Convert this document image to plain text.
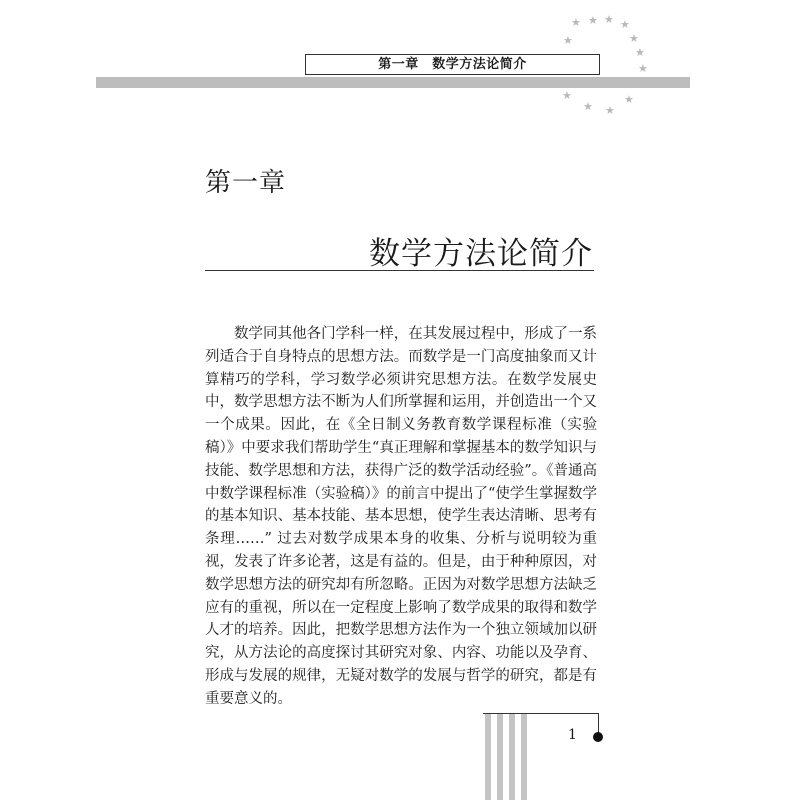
★ ★ ★ ★
★	★
★
★
★
★ ★
★
第一章　数学方法论简介
第一章
数学方法论简介

数学同其他各门学科一样，在其发展过程中，形成了一系列适合于自身特点的思想方法。而数学是一门高度抽象而又计算精巧的学科，学习数学必须讲究思想方法。在数学发展史中，数学思想方法不断为人们所掌握和运用，并创造出一个又一个成果。因此，在《全日制义务教育数学课程标准（实验稿）》中要求我们帮助学生“真正理解和掌握基本的数学知识与技能、数学思想和方法，获得广泛的数学活动经验”。《普通高中数学课程标准（实验稿）》的前言中提出了“使学生掌握数学的基本知识、基本技能、基本思想，使学生表达清晰、思考有条理……” 过去对数学成果本身的收集、分析与说明较为重视，发表了许多论著，这是有益的。但是，由于种种原因，对数学思想方法的研究却有所忽略。正因为对数学思想方法缺乏应有的重视，所以在一定程度上影响了数学成果的取得和数学人才的培养。因此，把数学思想方法作为一个独立领域加以研究，从方法论的高度探讨其研究对象、内容、功能以及孕育、形成与发展的规律，无疑对数学的发展与哲学的研究，都是有重要意义的。

1
